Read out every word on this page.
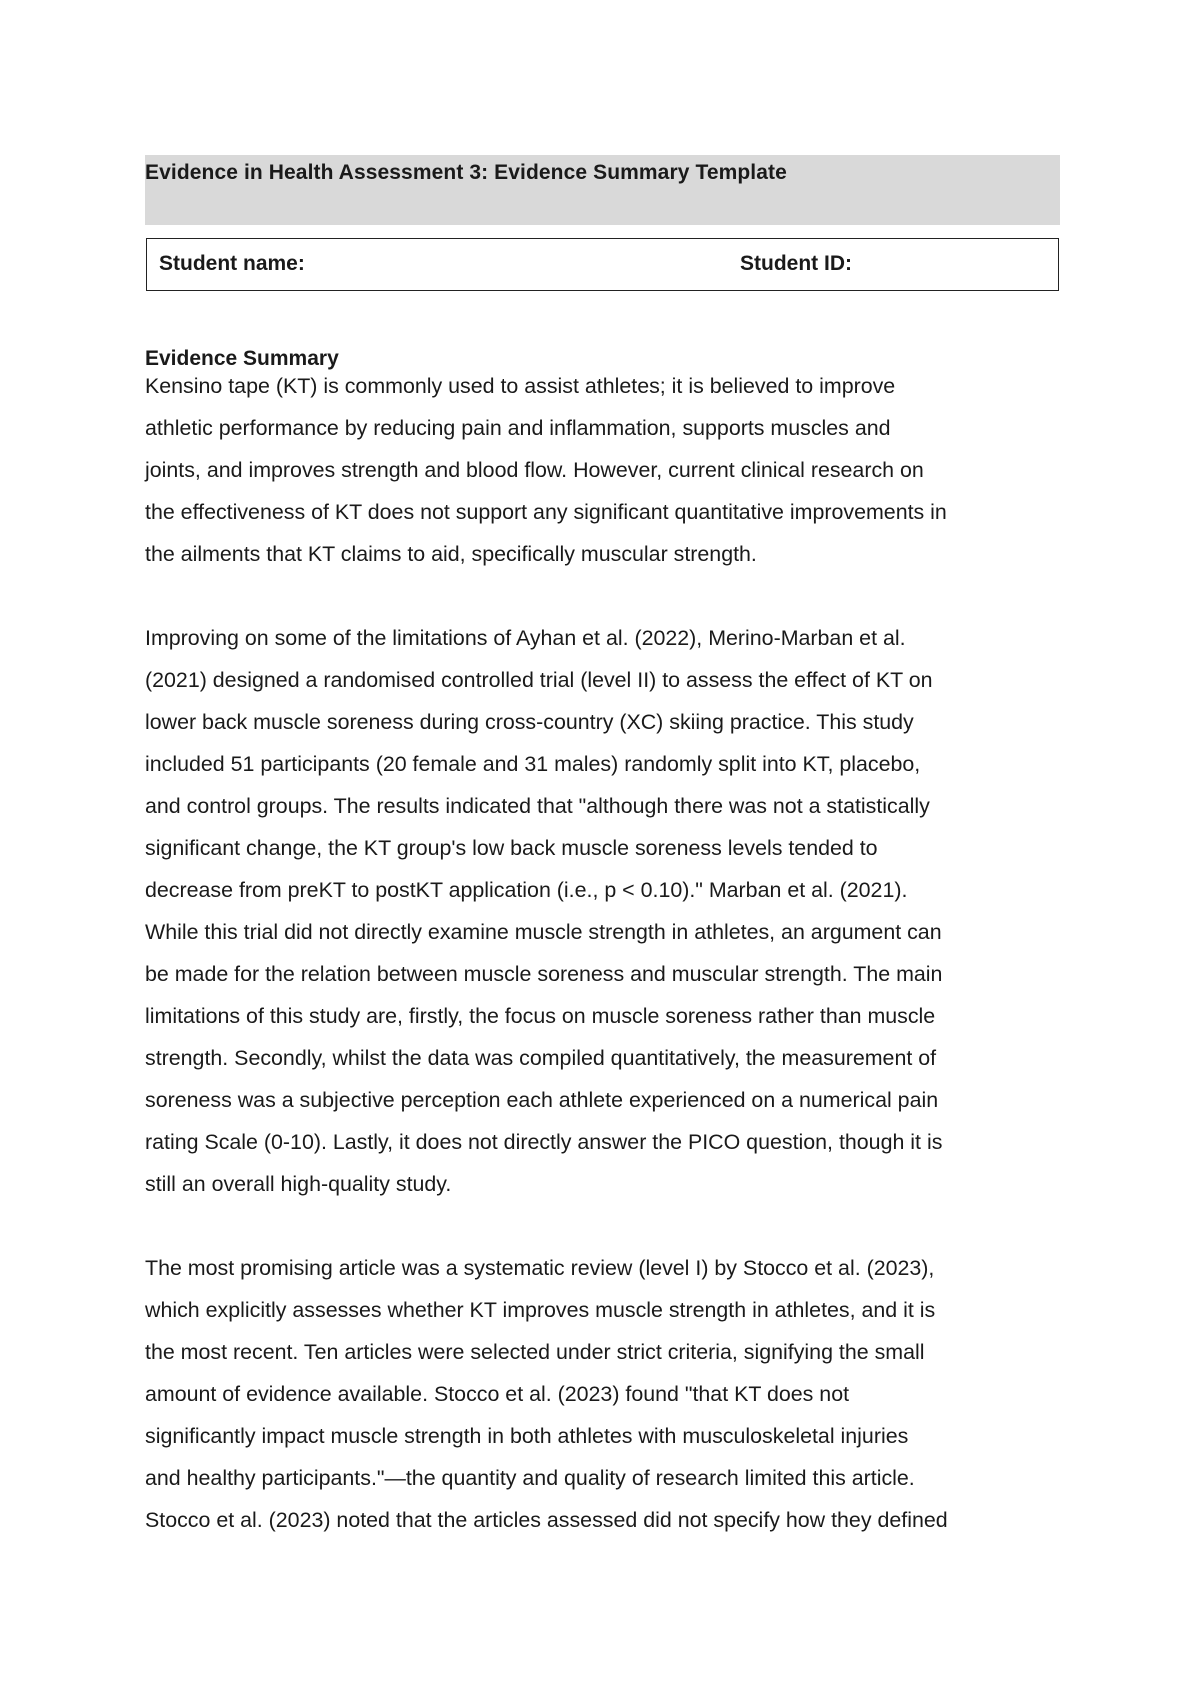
Evidence in Health Assessment 3: Evidence Summary Template
Student name:	Student ID:
Evidence Summary
Kensino tape (KT) is commonly used to assist athletes; it is believed to improve
athletic performance by reducing pain and inflammation, supports muscles and
joints, and improves strength and blood flow. However, current clinical research on
the effectiveness of KT does not support any significant quantitative improvements in
the ailments that KT claims to aid, specifically muscular strength.
Improving on some of the limitations of Ayhan et al. (2022), Merino-Marban et al.
(2021) designed a randomised controlled trial (level II) to assess the effect of KT on
lower back muscle soreness during cross-country (XC) skiing practice. This study
included 51 participants (20 female and 31 males) randomly split into KT, placebo,
and control groups. The results indicated that "although there was not a statistically
significant change, the KT group's low back muscle soreness levels tended to
decrease from preKT to postKT application (i.e., p < 0.10)." Marban et al. (2021).
While this trial did not directly examine muscle strength in athletes, an argument can
be made for the relation between muscle soreness and muscular strength. The main
limitations of this study are, firstly, the focus on muscle soreness rather than muscle
strength. Secondly, whilst the data was compiled quantitatively, the measurement of
soreness was a subjective perception each athlete experienced on a numerical pain
rating Scale (0-10). Lastly, it does not directly answer the PICO question, though it is
still an overall high-quality study.
The most promising article was a systematic review (level I) by Stocco et al. (2023),
which explicitly assesses whether KT improves muscle strength in athletes, and it is
the most recent. Ten articles were selected under strict criteria, signifying the small
amount of evidence available. Stocco et al. (2023) found "that KT does not
significantly impact muscle strength in both athletes with musculoskeletal injuries
and healthy participants."—the quantity and quality of research limited this article.
Stocco et al. (2023) noted that the articles assessed did not specify how they defined
